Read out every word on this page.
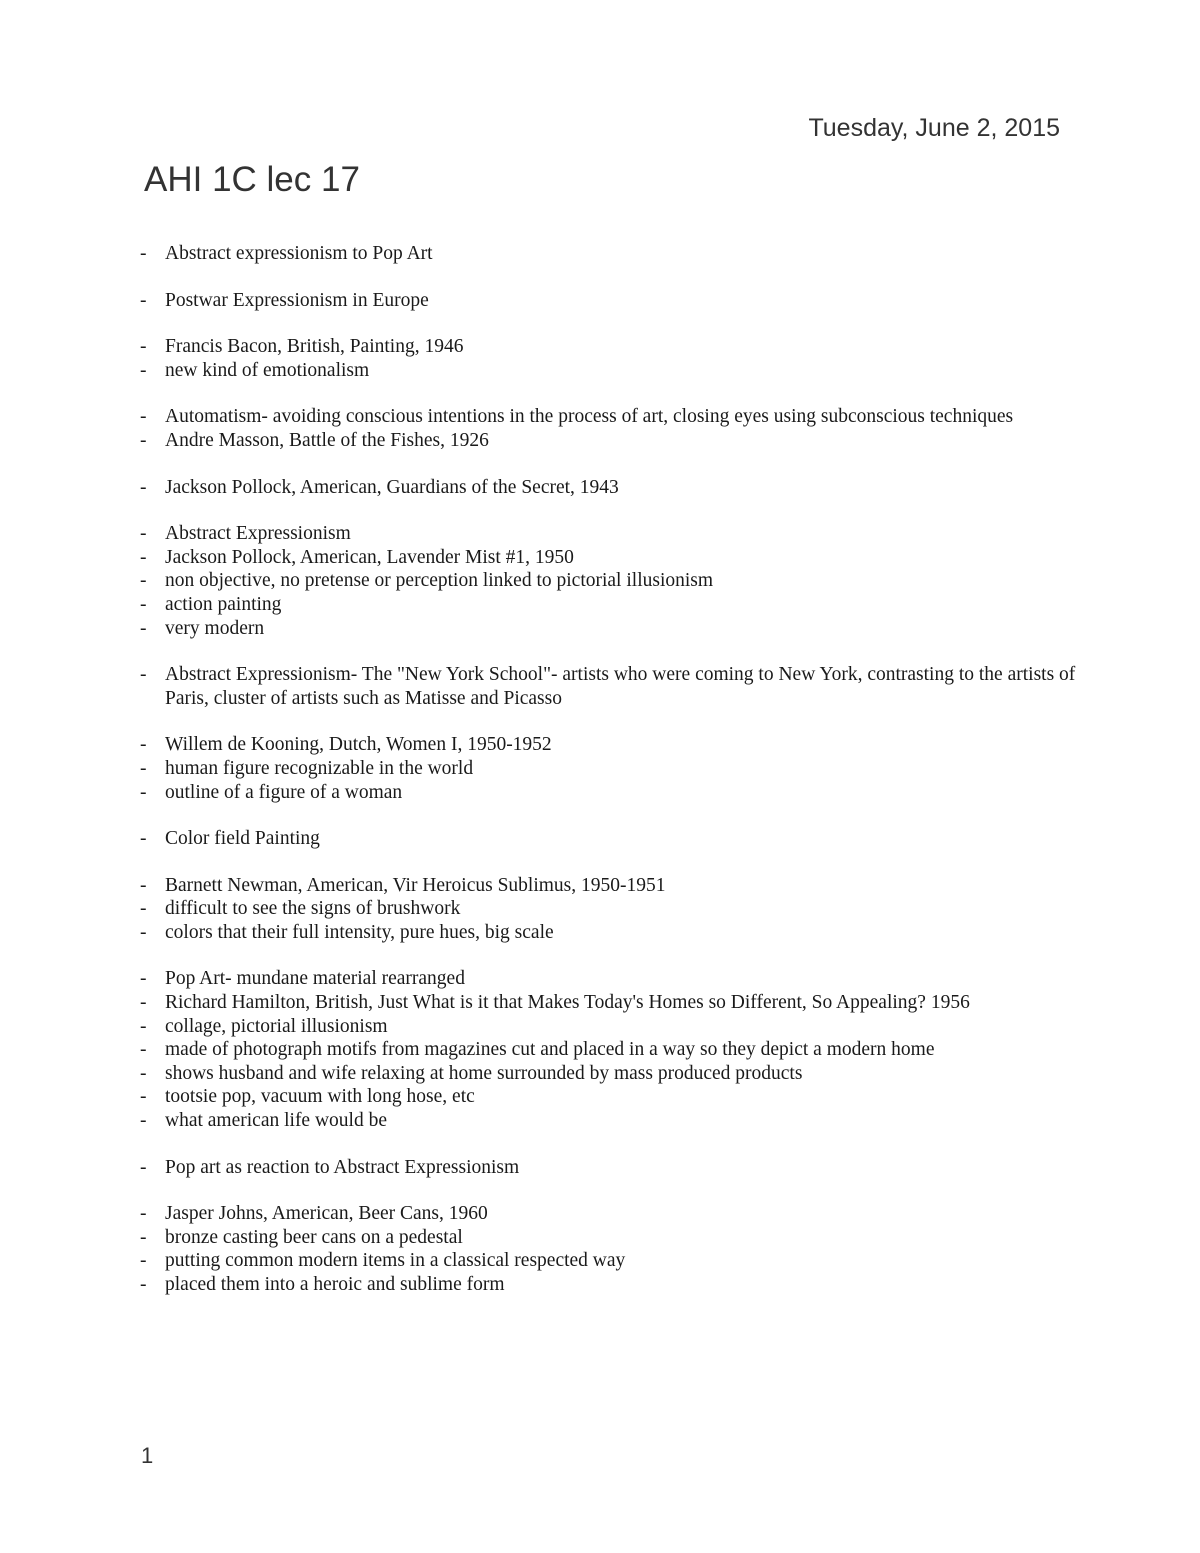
Tuesday, June 2, 2015
AHI 1C lec 17
- Abstract expressionism to Pop Art
- Postwar Expressionism in Europe
- Francis Bacon, British, Painting, 1946
- new kind of emotionalism
- Automatism- avoiding conscious intentions in the process of art, closing eyes using subconscious techniques
- Andre Masson, Battle of the Fishes, 1926
- Jackson Pollock, American, Guardians of the Secret, 1943
- Abstract Expressionism
- Jackson Pollock, American, Lavender Mist #1, 1950
- non objective, no pretense or perception linked to pictorial illusionism
- action painting
- very modern
- Abstract Expressionism- The "New York School"- artists who were coming to New York, contrasting to the artists of Paris, cluster of artists such as Matisse and Picasso
- Willem de Kooning, Dutch, Women I, 1950-1952
- human figure recognizable in the world
- outline of a figure of a woman
- Color field Painting
- Barnett Newman, American, Vir Heroicus Sublimus, 1950-1951
- difficult to see the signs of brushwork
- colors that their full intensity, pure hues, big scale
- Pop Art- mundane material rearranged
- Richard Hamilton, British, Just What is it that Makes Today's Homes so Different, So Appealing? 1956
- collage, pictorial illusionism
- made of photograph motifs from magazines cut and placed in a way so they depict a modern home
- shows husband and wife relaxing at home surrounded by mass produced products
- tootsie pop, vacuum with long hose, etc
- what american life would be
- Pop art as reaction to Abstract Expressionism
- Jasper Johns, American, Beer Cans, 1960
- bronze casting beer cans on a pedestal
- putting common modern items in a classical respected way
- placed them into a heroic and sublime form
1
